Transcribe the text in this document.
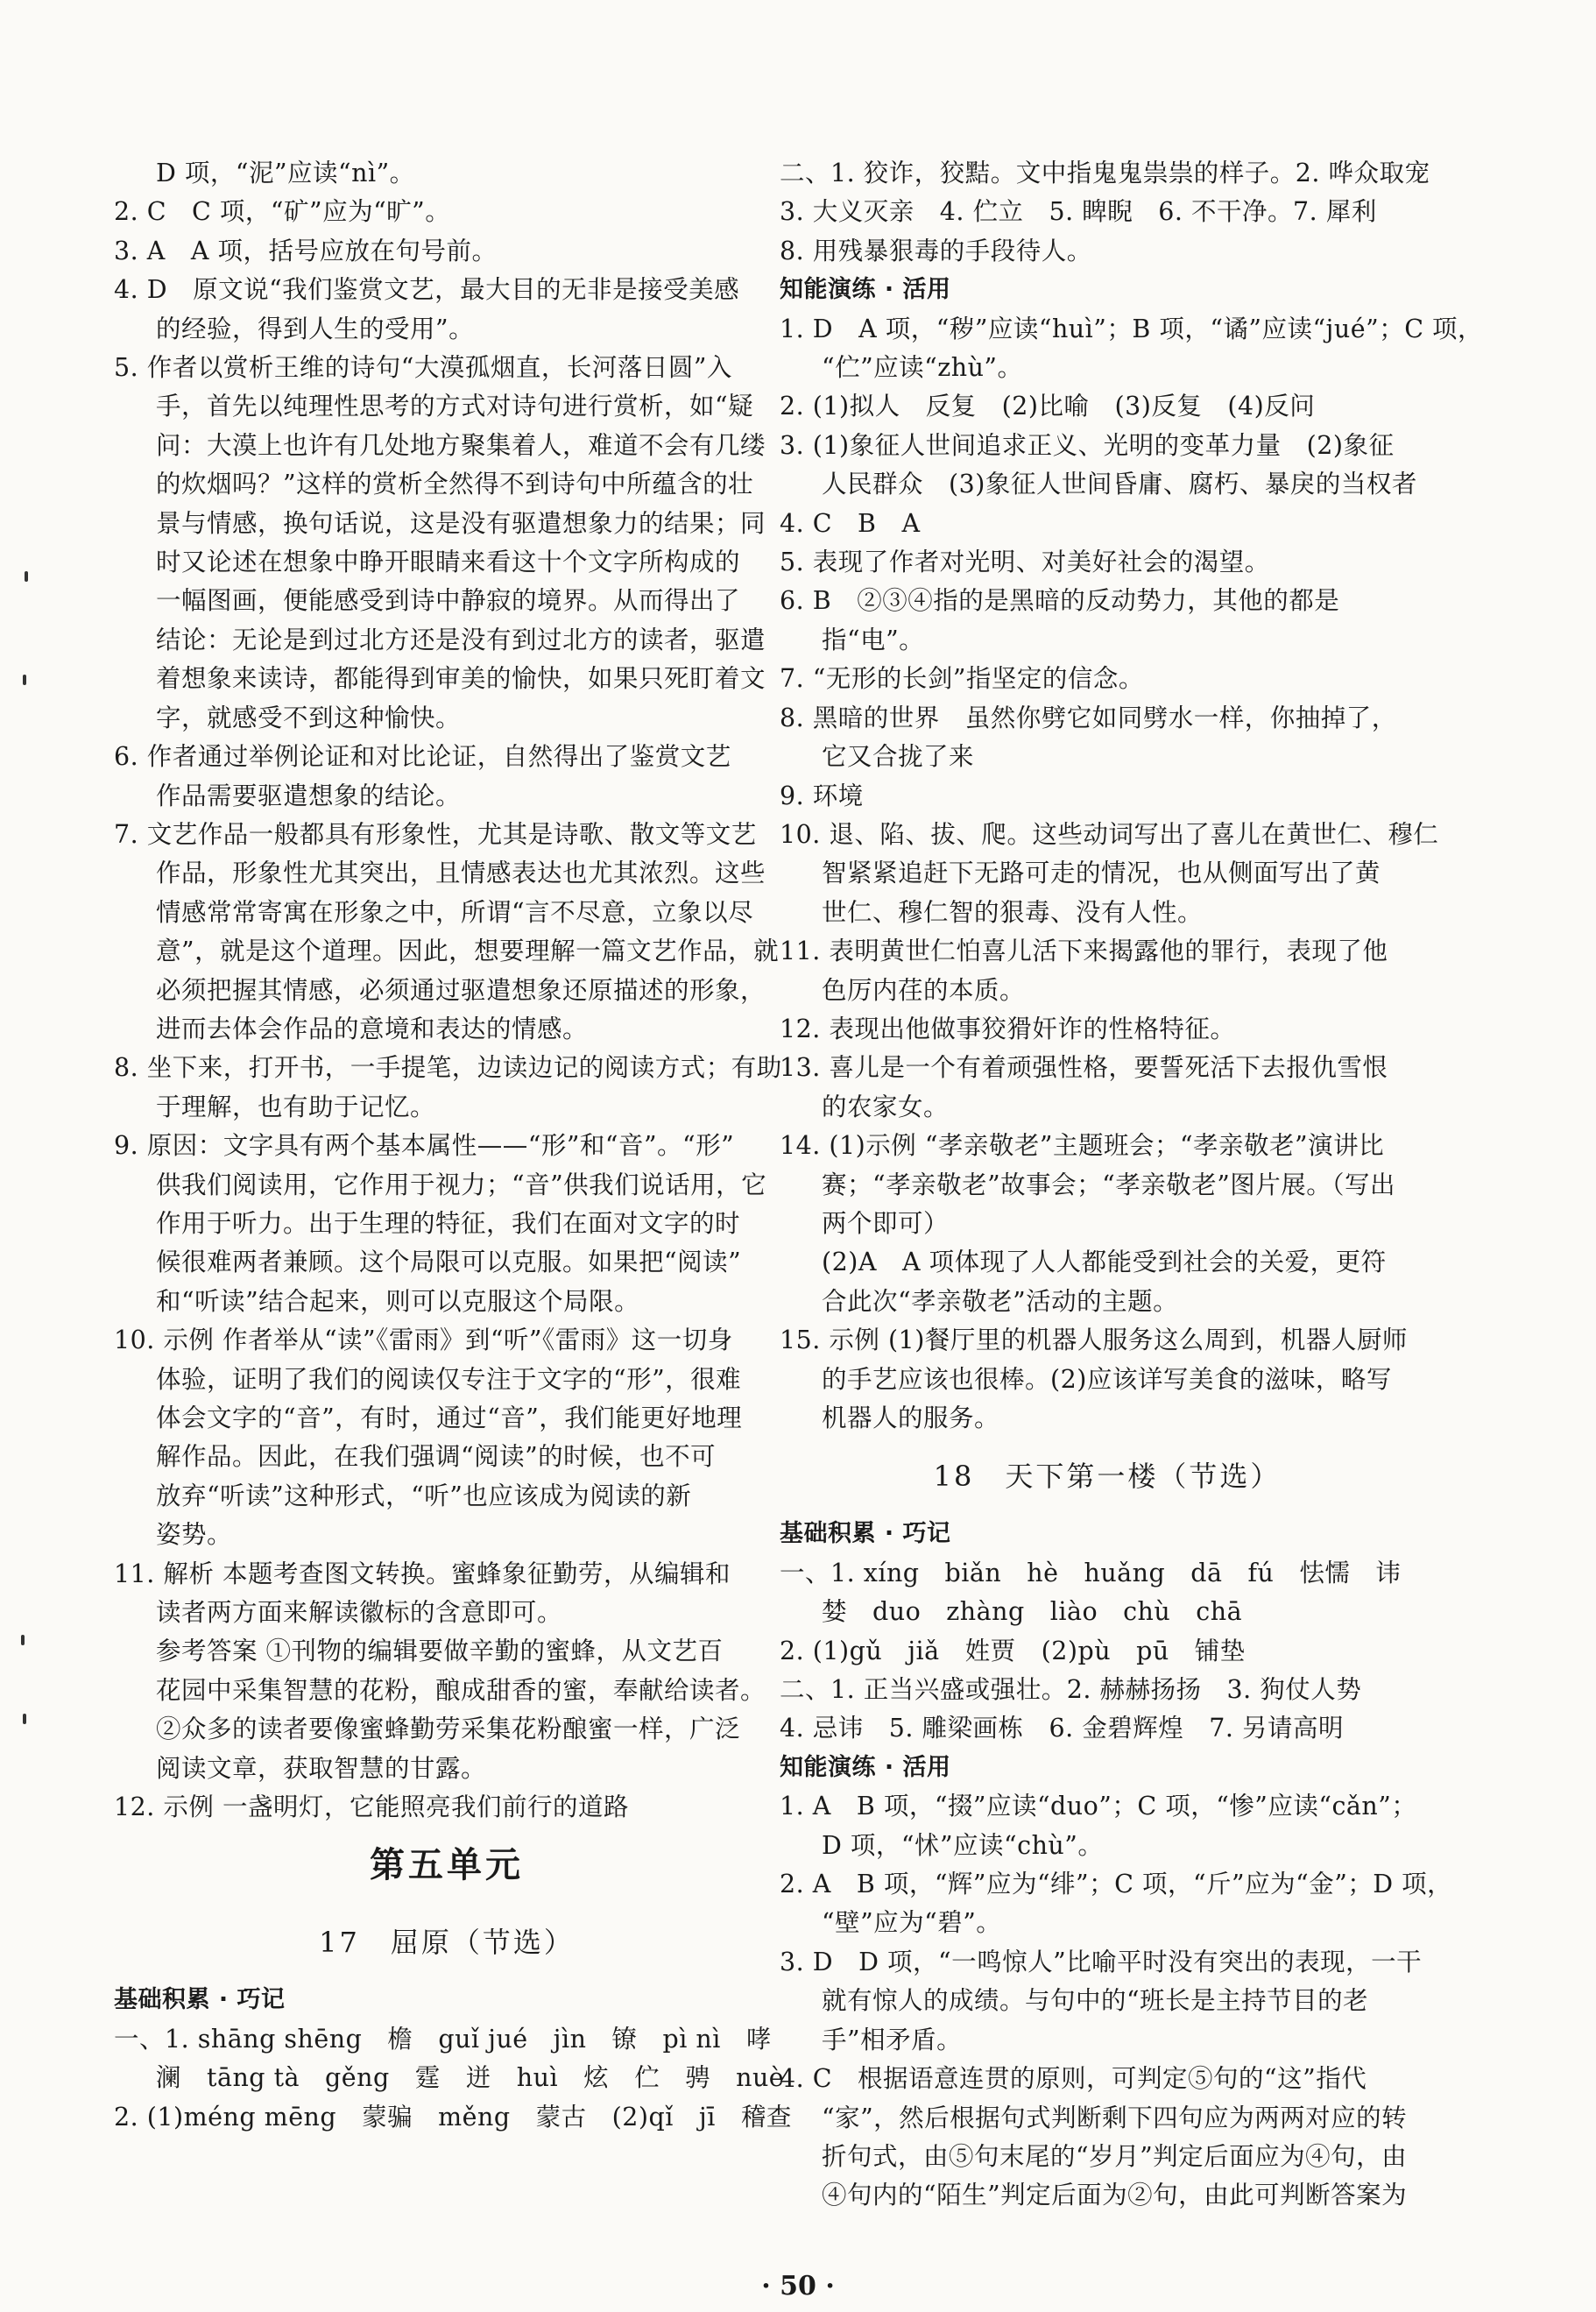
D 项，“泥”应读“nì”。
2. C　C 项，“矿”应为“旷”。
3. A　A 项，括号应放在句号前。
4. D　原文说“我们鉴赏文艺，最大目的无非是接受美感
的经验，得到人生的受用”。
5. 作者以赏析王维的诗句“大漠孤烟直，长河落日圆”入
手，首先以纯理性思考的方式对诗句进行赏析，如“疑
问：大漠上也许有几处地方聚集着人，难道不会有几缕
的炊烟吗？”这样的赏析全然得不到诗句中所蕴含的壮
景与情感，换句话说，这是没有驱遣想象力的结果；同
时又论述在想象中睁开眼睛来看这十个文字所构成的
一幅图画，便能感受到诗中静寂的境界。从而得出了
结论：无论是到过北方还是没有到过北方的读者，驱遣
着想象来读诗，都能得到审美的愉快，如果只死盯着文
字，就感受不到这种愉快。
6. 作者通过举例论证和对比论证，自然得出了鉴赏文艺
作品需要驱遣想象的结论。
7. 文艺作品一般都具有形象性，尤其是诗歌、散文等文艺
作品，形象性尤其突出，且情感表达也尤其浓烈。这些
情感常常寄寓在形象之中，所谓“言不尽意，立象以尽
意”，就是这个道理。因此，想要理解一篇文艺作品，就
必须把握其情感，必须通过驱遣想象还原描述的形象，
进而去体会作品的意境和表达的情感。
8. 坐下来，打开书，一手提笔，边读边记的阅读方式；有助
于理解，也有助于记忆。
9. 原因：文字具有两个基本属性——“形”和“音”。“形”
供我们阅读用，它作用于视力；“音”供我们说话用，它
作用于听力。出于生理的特征，我们在面对文字的时
候很难两者兼顾。这个局限可以克服。如果把“阅读”
和“听读”结合起来，则可以克服这个局限。
10. 示例 作者举从“读”《雷雨》到“听”《雷雨》这一切身
体验，证明了我们的阅读仅专注于文字的“形”，很难
体会文字的“音”，有时，通过“音”，我们能更好地理
解作品。因此，在我们强调“阅读”的时候，也不可
放弃“听读”这种形式，“听”也应该成为阅读的新
姿势。
11. 解析 本题考查图文转换。蜜蜂象征勤劳，从编辑和
读者两方面来解读徽标的含意即可。
参考答案 ①刊物的编辑要做辛勤的蜜蜂，从文艺百
花园中采集智慧的花粉，酿成甜香的蜜，奉献给读者。
②众多的读者要像蜜蜂勤劳采集花粉酿蜜一样，广泛
阅读文章，获取智慧的甘露。
12. 示例 一盏明灯，它能照亮我们前行的道路
第五单元
17　屈原（节选）
基础积累 · 巧记
一、1. shāng shēng　檐　guǐ jué　jìn　镣　pì nì　哮
澜　tāng tà　gěng　霆　迸　huì　炫　伫　骋　nuè
2. (1)méng mēng　蒙骗　měng　蒙古　(2)qǐ　jī　稽查
二、1. 狡诈，狡黠。文中指鬼鬼祟祟的样子。2. 哗众取宠
3. 大义灭亲　4. 伫立　5. 睥睨　6. 不干净。7. 犀利
8. 用残暴狠毒的手段待人。
知能演练 · 活用
1. D　A 项，“秽”应读“huì”；B 项，“谲”应读“jué”；C 项，
“伫”应读“zhù”。
2. (1)拟人　反复　(2)比喻　(3)反复　(4)反问
3. (1)象征人世间追求正义、光明的变革力量　(2)象征
人民群众　(3)象征人世间昏庸、腐朽、暴戾的当权者
4. C　B　A
5. 表现了作者对光明、对美好社会的渴望。
6. B　②③④指的是黑暗的反动势力，其他的都是
指“电”。
7. “无形的长剑”指坚定的信念。
8. 黑暗的世界　虽然你劈它如同劈水一样，你抽掉了，
它又合拢了来
9. 环境
10. 退、陷、拔、爬。这些动词写出了喜儿在黄世仁、穆仁
智紧紧追赶下无路可走的情况，也从侧面写出了黄
世仁、穆仁智的狠毒、没有人性。
11. 表明黄世仁怕喜儿活下来揭露他的罪行，表现了他
色厉内荏的本质。
12. 表现出他做事狡猾奸诈的性格特征。
13. 喜儿是一个有着顽强性格，要誓死活下去报仇雪恨
的农家女。
14. (1)示例 “孝亲敬老”主题班会；“孝亲敬老”演讲比
赛；“孝亲敬老”故事会；“孝亲敬老”图片展。（写出
两个即可）
(2)A　A 项体现了人人都能受到社会的关爱，更符
合此次“孝亲敬老”活动的主题。
15. 示例 (1)餐厅里的机器人服务这么周到，机器人厨师
的手艺应该也很棒。(2)应该详写美食的滋味，略写
机器人的服务。
18　天下第一楼（节选）
基础积累 · 巧记
一、1. xíng　biǎn　hè　huǎng　dā　fú　怯懦　讳
婪　duo　zhàng　liào　chù　chā
2. (1)gǔ　jiǎ　姓贾　(2)pù　pū　铺垫
二、1. 正当兴盛或强壮。2. 赫赫扬扬　3. 狗仗人势
4. 忌讳　5. 雕梁画栋　6. 金碧辉煌　7. 另请高明
知能演练 · 活用
1. A　B 项，“掇”应读“duo”；C 项，“惨”应读“cǎn”；
D 项，“怵”应读“chù”。
2. A　B 项，“辉”应为“绯”；C 项，“斤”应为“金”；D 项，
“壁”应为“碧”。
3. D　D 项，“一鸣惊人”比喻平时没有突出的表现，一干
就有惊人的成绩。与句中的“班长是主持节目的老
手”相矛盾。
4. C　根据语意连贯的原则，可判定⑤句的“这”指代
“家”，然后根据句式判断剩下四句应为两两对应的转
折句式，由⑤句末尾的“岁月”判定后面应为④句，由
④句内的“陌生”判定后面为②句，由此可判断答案为
· 50 ·
